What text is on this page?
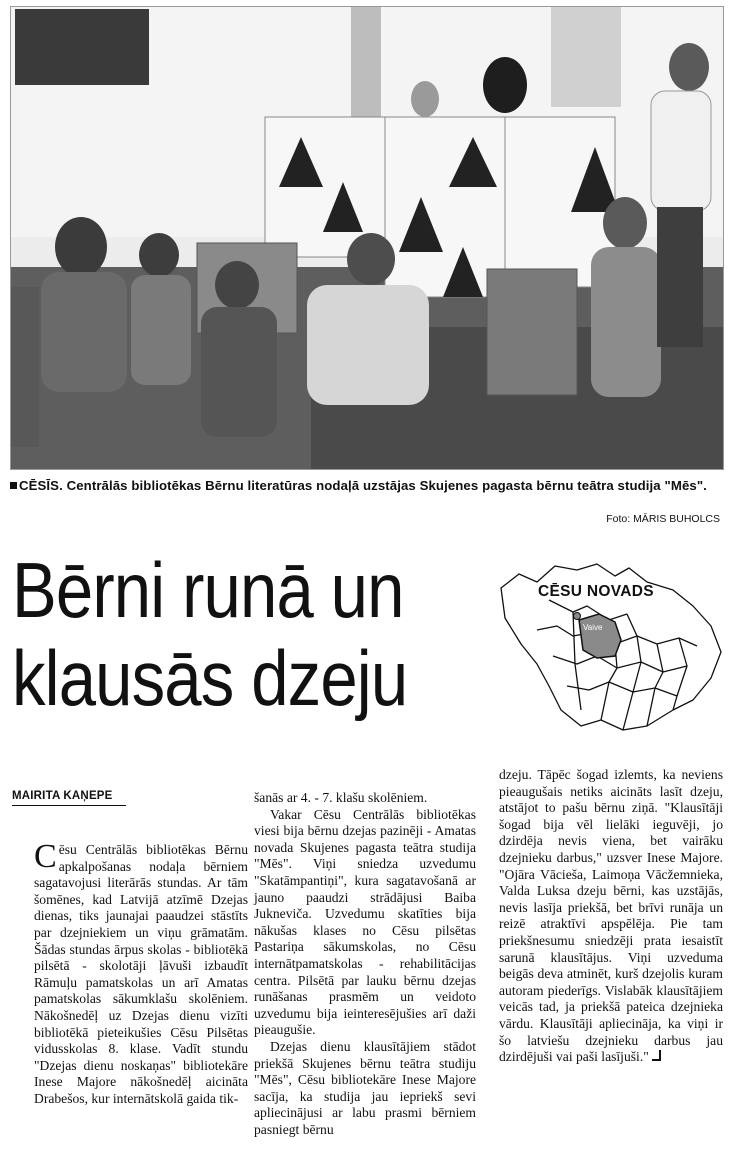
CĒSĪS. Centrālās bibliotēkas Bērnu literatūras nodaļā uzstājas Skujenes pagasta bērnu teātra studija "Mēs".
Foto: MĀRIS BUHOLCS
Bērni runā un
klausās dzeju
Vaive
CĒSU NOVADS
MAIRITA KAŅEPE

Cēsu Centrālās bibliotēkas Bērnu apkalpošanas nodaļa bērniem sagatavojusi literārās stundas. Ar tām šomēnes, kad Latvijā atzīmē Dzejas dienas, tiks jaunajai paaudzei stāstīts par dzejniekiem un viņu grāmatām. Šādas stundas ārpus skolas - bibliotēkā pilsētā - skolotāji ļāvuši izbaudīt Rāmuļu pamatskolas un arī Amatas pamatskolas sākumklašu skolēniem. Nākošnedēļ uz Dzejas dienu vizīti bibliotēkā pieteikušies Cēsu Pilsētas vidusskolas 8. klase. Vadīt stundu "Dzejas dienu noskaņas" bibliotekāre Inese Majore nākošnedēļ aicināta Drabešos, kur internātskolā gaida tik-

šanās ar 4. - 7. klašu skolēniem.

Vakar Cēsu Centrālās bibliotēkas viesi bija bērnu dzejas pazinēji - Amatas novada Skujenes pagasta teātra studija "Mēs". Viņi sniedza uzvedumu "Skatāmpantiņi", kura sagatavošanā ar jauno paaudzi strādājusi Baiba Juknevіča. Uzvedumu skatīties bija nākušas klases no Cēsu pilsētas Pastariņa sākumskolas, no Cēsu internātpamatskolas - rehabilitācijas centra. Pilsētā par lauku bērnu dzejas runāšanas prasmēm un veidoto uzvedumu bija ieinteresējušies arī daži pieaugušie.

Dzejas dienu klausītājiem stādot priekšā Skujenes bērnu teātra studiju "Mēs", Cēsu bibliotekāre Inese Majore sacīja, ka studija jau iepriekš sevi apliecinājusi ar labu prasmi bērniem pasniegt bērnu

dzeju. Tāpēc šogad izlemts, ka neviens pieaugušais netiks aicināts lasīt dzeju, atstājot to pašu bērnu ziņā. "Klausītāji šogad bija vēl lielāki ieguvēji, jo dzirdēja nevis viena, bet vairāku dzejnieku darbus," uzsver Inese Majore. "Ojāra Vācieša, Laimoņa Vācžemnieka, Valda Luksa dzeju bērni, kas uzstājās, nevis lasīja priekšā, bet brīvi runāja un reizē atraktīvi apspēlēja. Pie tam priekšnesumu sniedzēji prata iesaistīt sarunā klausītājus. Viņi uzveduma beigās deva atminēt, kurš dzejolis kuram autoram piederīgs. Vislabāk klausītājiem veicās tad, ja priekšā pateica dzejnieka vārdu. Klausītāji apliecināja, ka viņi ir šo latviešu dzejnieku darbus jau dzirdējuši vai paši lasījuši."
